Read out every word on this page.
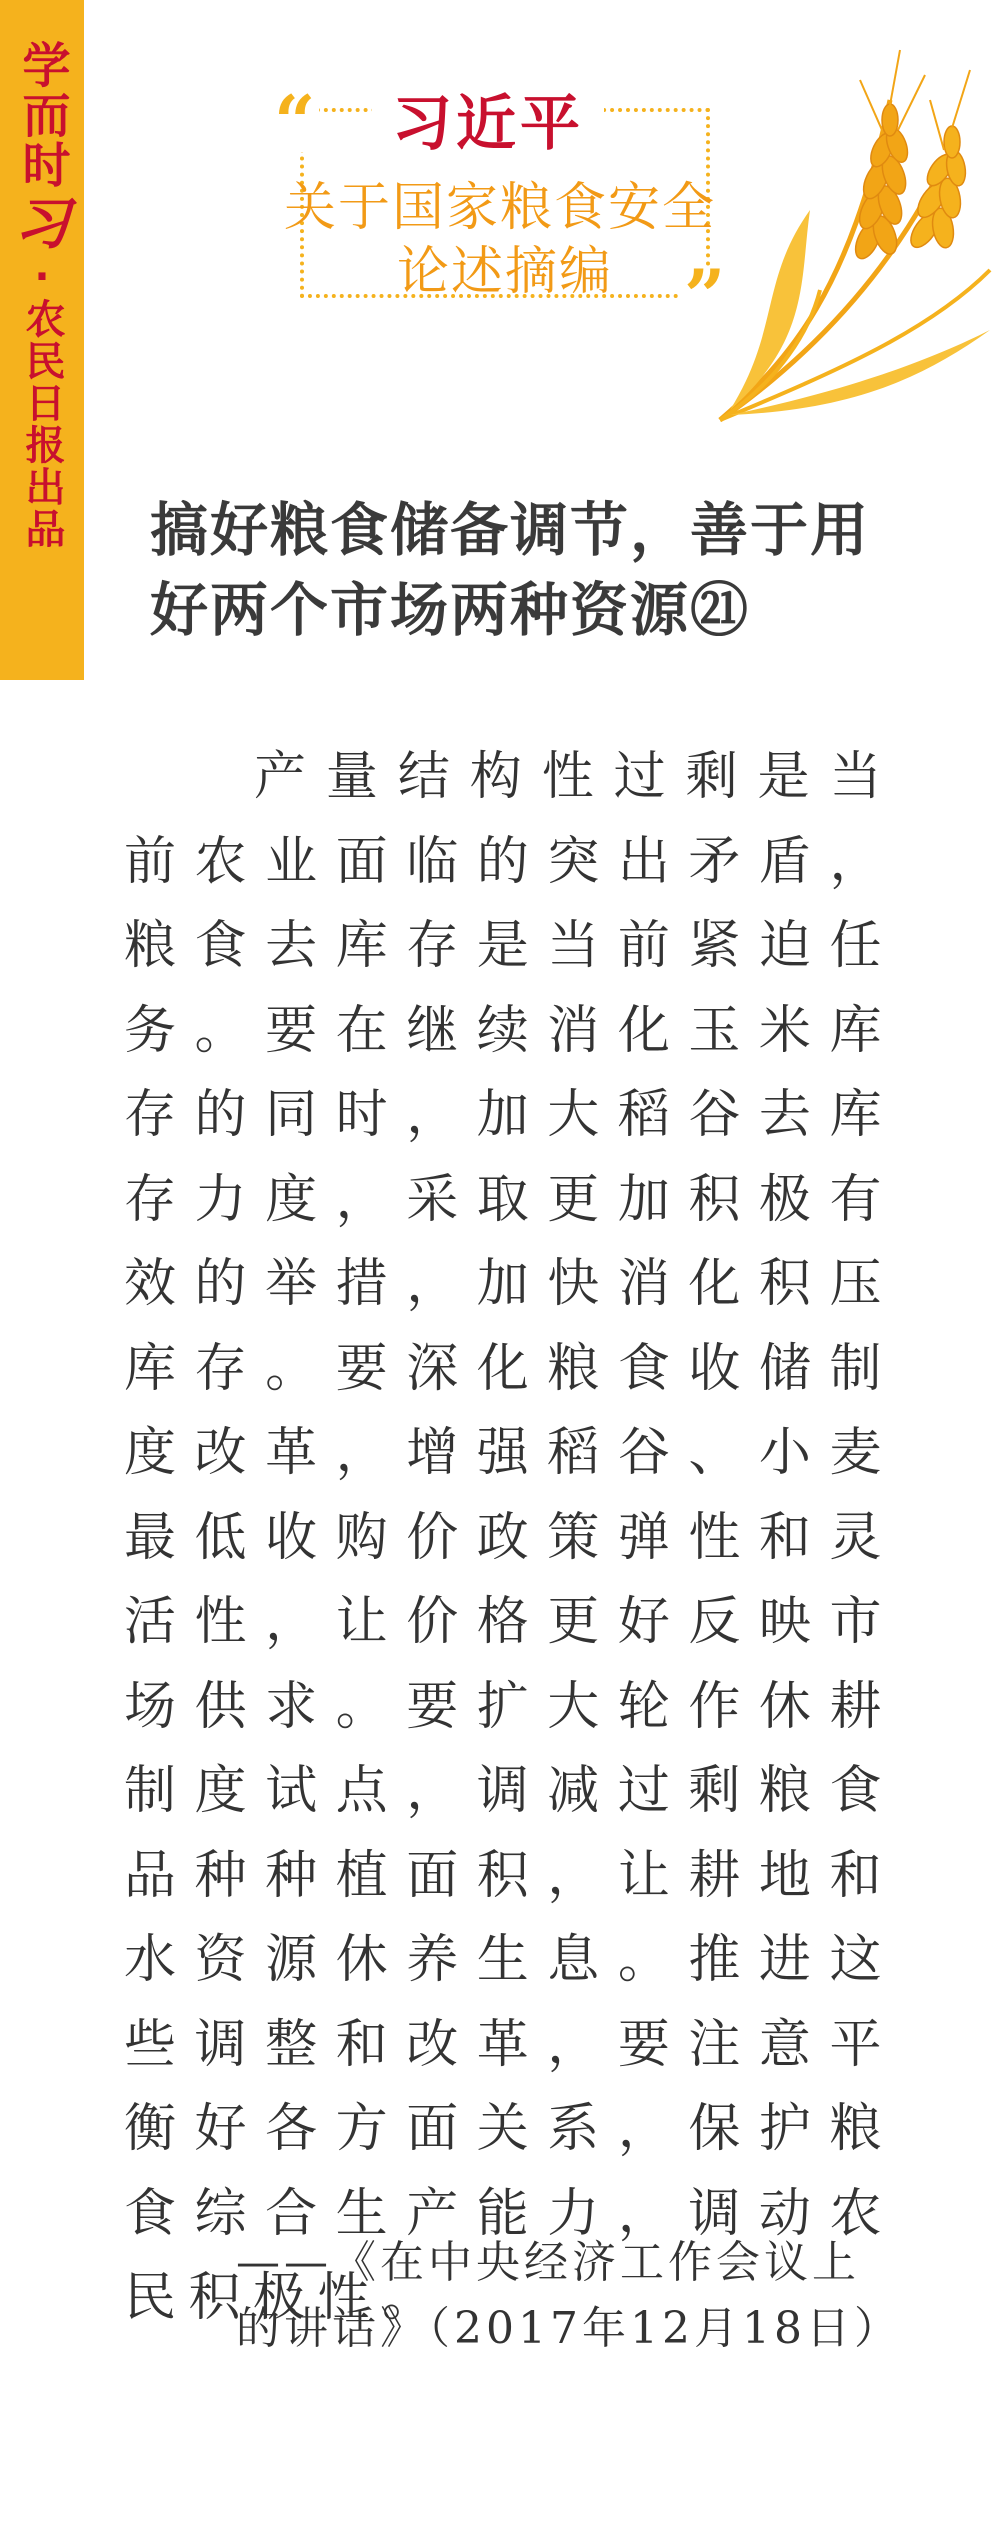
学而时
习
·
农民日报出品
“
”
习近平
关于国家粮食安全
论述摘编
搞好粮食储备调节，善于用好两个市场两种资源㉑
产量结构性过剩是当前农业面临的突出矛盾，粮食去库存是当前紧迫任务。要在继续消化玉米库存的同时，加大稻谷去库存力度，采取更加积极有效的举措，加快消化积压库存。要深化粮食收储制度改革，增强稻谷、小麦最低收购价政策弹性和灵活性，让价格更好反映市场供求。要扩大轮作休耕制度试点，调减过剩粮食品种种植面积，让耕地和水资源休养生息。推进这些调整和改革，要注意平衡好各方面关系，保护粮食综合生产能力，调动农民积极性。
——《在中央经济工作会议上的讲话》（2017年12月18日）
